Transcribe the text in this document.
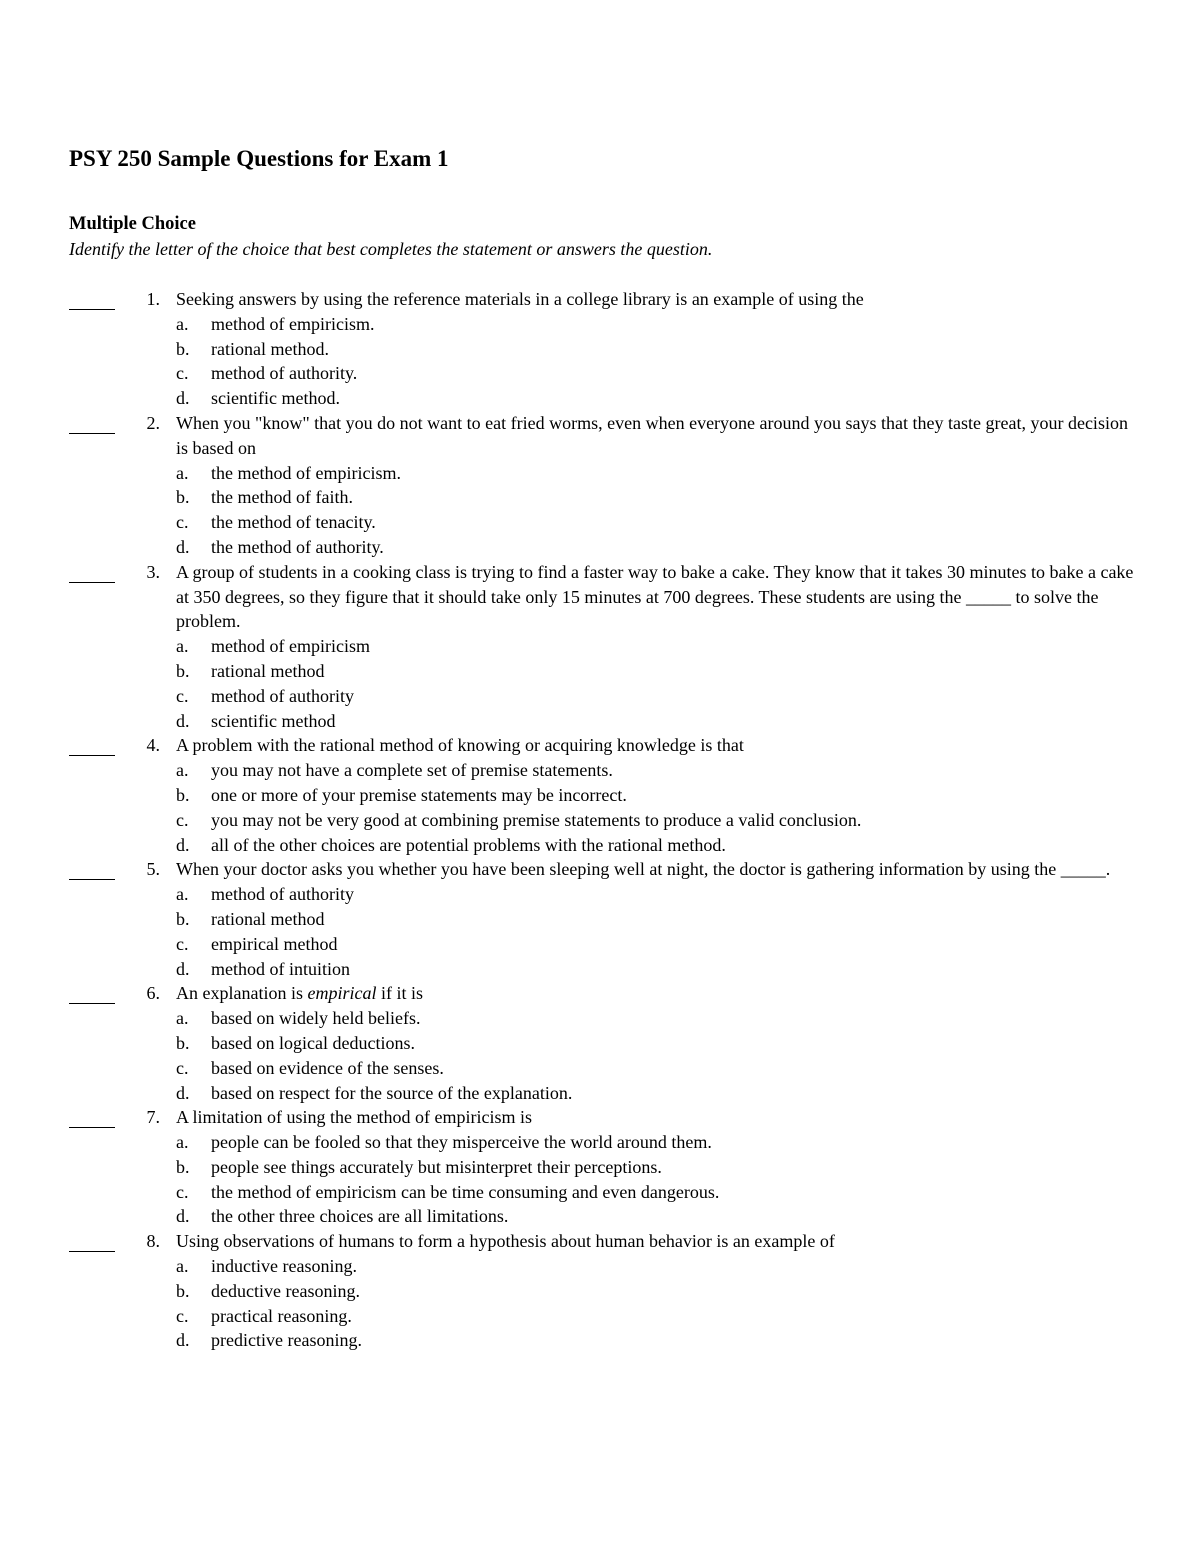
PSY 250 Sample Questions for Exam 1
Multiple Choice
Identify the letter of the choice that best completes the statement or answers the question.
1. Seeking answers by using the reference materials in a college library is an example of using the
a. method of empiricism.
b. rational method.
c. method of authority.
d. scientific method.
2. When you "know" that you do not want to eat fried worms, even when everyone around you says that they taste great, your decision is based on
a. the method of empiricism.
b. the method of faith.
c. the method of tenacity.
d. the method of authority.
3. A group of students in a cooking class is trying to find a faster way to bake a cake. They know that it takes 30 minutes to bake a cake at 350 degrees, so they figure that it should take only 15 minutes at 700 degrees. These students are using the _____ to solve the problem.
a. method of empiricism
b. rational method
c. method of authority
d. scientific method
4. A problem with the rational method of knowing or acquiring knowledge is that
a. you may not have a complete set of premise statements.
b. one or more of your premise statements may be incorrect.
c. you may not be very good at combining premise statements to produce a valid conclusion.
d. all of the other choices are potential problems with the rational method.
5. When your doctor asks you whether you have been sleeping well at night, the doctor is gathering information by using the _____.
a. method of authority
b. rational method
c. empirical method
d. method of intuition
6. An explanation is empirical if it is
a. based on widely held beliefs.
b. based on logical deductions.
c. based on evidence of the senses.
d. based on respect for the source of the explanation.
7. A limitation of using the method of empiricism is
a. people can be fooled so that they misperceive the world around them.
b. people see things accurately but misinterpret their perceptions.
c. the method of empiricism can be time consuming and even dangerous.
d. the other three choices are all limitations.
8. Using observations of humans to form a hypothesis about human behavior is an example of
a. inductive reasoning.
b. deductive reasoning.
c. practical reasoning.
d. predictive reasoning.
